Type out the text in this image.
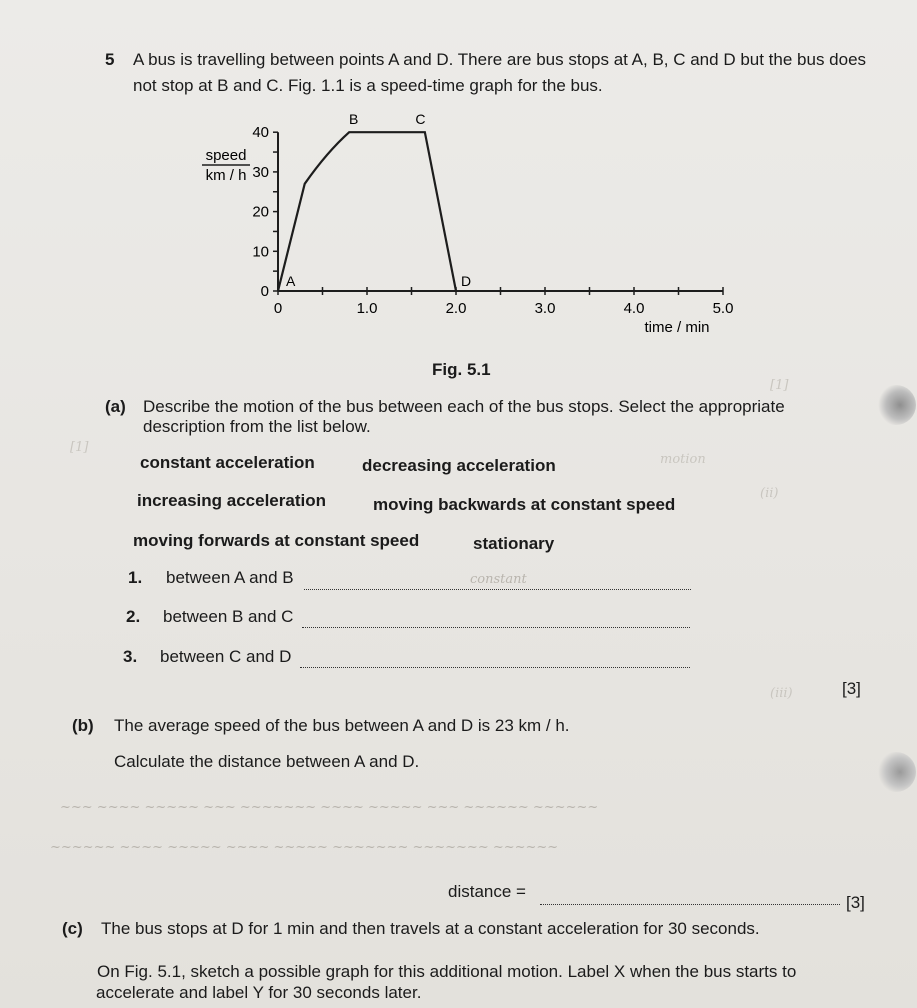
[1]
motion
[1]
(ii)
(iii)
5 A bus is travelling between points A and D. There are bus stops at A, B, C and D but the bus does
not stop at B and C. Fig. 1.1 is a speed-time graph for the bus.
0	1.0	2.0	3.0	4.0	5.0
0
10
20
30
40
A
B	C
D
speed
km / h
time / min
Fig. 5.1
(a) Describe the motion of the bus between each of the bus stops. Select the appropriate
description from the list below.
constant acceleration	decreasing acceleration
increasing acceleration	moving backwards at constant speed
moving forwards at constant speed	stationary
1. between A and B	constant
2. between B and C
3. between C and D
[3]
(b) The average speed of the bus between A and D is 23 km / h.
Calculate the distance between A and D.
~~~ ~~~~ ~~~~~ ~~~ ~~~~~~~ ~~~~ ~~~~~ ~~~ ~~~~~~ ~~~~~~
~~~~~~ ~~~~ ~~~~~ ~~~~ ~~~~~ ~~~~~~~ ~~~~~~~ ~~~~~~
distance =
[3]
(c) The bus stops at D for 1 min and then travels at a constant acceleration for 30 seconds.
On Fig. 5.1, sketch a possible graph for this additional motion. Label X when the bus starts to
accelerate and label Y for 30 seconds later.
